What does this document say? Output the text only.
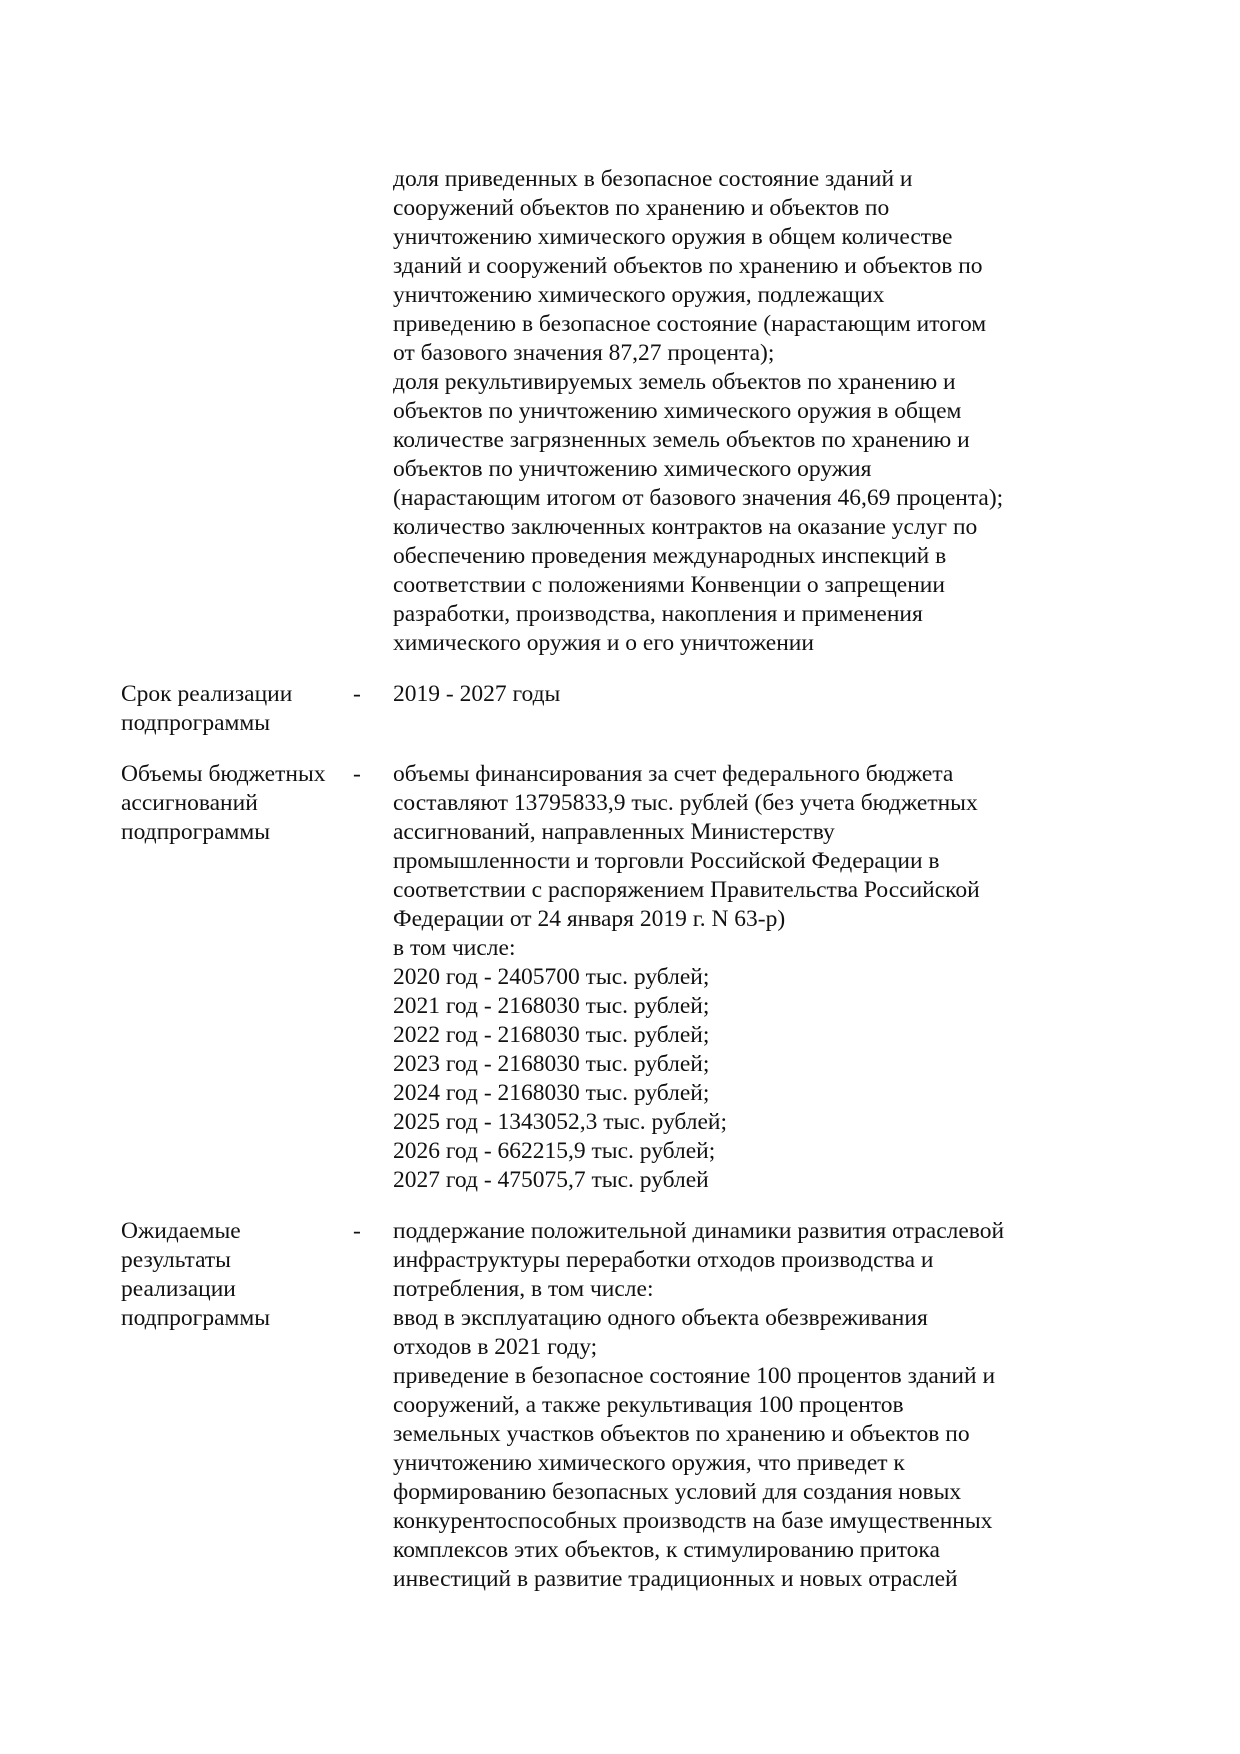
доля приведенных в безопасное состояние зданий и
сооружений объектов по хранению и объектов по
уничтожению химического оружия в общем количестве
зданий и сооружений объектов по хранению и объектов по
уничтожению химического оружия, подлежащих
приведению в безопасное состояние (нарастающим итогом
от базового значения 87,27 процента);
доля рекультивируемых земель объектов по хранению и
объектов по уничтожению химического оружия в общем
количестве загрязненных земель объектов по хранению и
объектов по уничтожению химического оружия
(нарастающим итогом от базового значения 46,69 процента);
количество заключенных контрактов на оказание услуг по
обеспечению проведения международных инспекций в
соответствии с положениями Конвенции о запрещении
разработки, производства, накопления и применения
химического оружия и о его уничтожении
Срок реализации
подпрограммы
-	2019 - 2027 годы
Объемы бюджетных
ассигнований
подпрограммы
-	объемы финансирования за счет федерального бюджета
составляют 13795833,9 тыс. рублей (без учета бюджетных
ассигнований, направленных Министерству
промышленности и торговли Российской Федерации в
соответствии с распоряжением Правительства Российской
Федерации от 24 января 2019 г. N 63-р)
в том числе:
2020 год - 2405700 тыс. рублей;
2021 год - 2168030 тыс. рублей;
2022 год - 2168030 тыс. рублей;
2023 год - 2168030 тыс. рублей;
2024 год - 2168030 тыс. рублей;
2025 год - 1343052,3 тыс. рублей;
2026 год - 662215,9 тыс. рублей;
2027 год - 475075,7 тыс. рублей
Ожидаемые
результаты
реализации
подпрограммы
-	поддержание положительной динамики развития отраслевой
инфраструктуры переработки отходов производства и
потребления, в том числе:
ввод в эксплуатацию одного объекта обезвреживания
отходов в 2021 году;
приведение в безопасное состояние 100 процентов зданий и
сооружений, а также рекультивация 100 процентов
земельных участков объектов по хранению и объектов по
уничтожению химического оружия, что приведет к
формированию безопасных условий для создания новых
конкурентоспособных производств на базе имущественных
комплексов этих объектов, к стимулированию притока
инвестиций в развитие традиционных и новых отраслей
